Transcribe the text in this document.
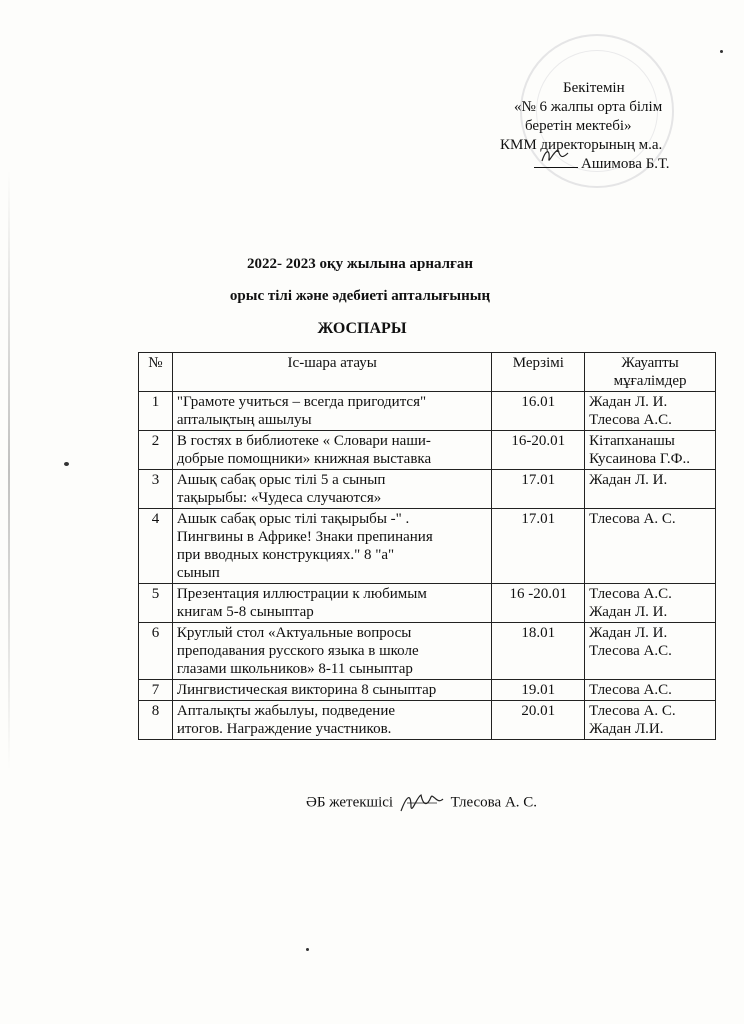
Бекітемін
«№ 6 жалпы орта білім
беретін мектебі»
КММ директорының м.а.
Ашимова Б.Т.
2022- 2023 оқу жылына арналған
орыс тілі және әдебиеті апталығының
ЖОСПАРЫ
№	Іс-шара атауы	Мерзімі	Жауапты
мұғалімдер

1	"Грамоте учиться – всегда пригодится"
апталықтың ашылуы	16.01	Жадан Л. И.
Тлесова А.С.

2	В гостях в библиотеке « Словари наши-
добрые помощники» книжная выставка	16-20.01	Кітапханашы
Кусаинова Г.Ф..

3	Ашық сабақ орыс тілі 5 а сынып
тақырыбы: «Чудеса случаются»	17.01	Жадан Л. И.

4	Ашык сабақ орыс тілі тақырыбы -" .
Пингвины в Африке! Знаки препинания
при вводных конструкциях." 8 "а"
сынып	17.01	Тлесова А. С.

5	Презентация иллюстрации к любимым
книгам 5-8 сыныптар	16 -20.01	Тлесова А.С.
Жадан Л. И.

6	Круглый стол «Актуальные вопросы
преподавания русского языка в школе
глазами школьников» 8-11 сыныптар	18.01	Жадан Л. И.
Тлесова А.С.

7	Лингвистическая викторина 8 сыныптар	19.01	Тлесова А.С.

8	Апталықты жабылуы, подведение
итогов. Награждение участников.	20.01	Тлесова А. С.
Жадан Л.И.
ӘБ жетекшісі	Тлесова А. С.
